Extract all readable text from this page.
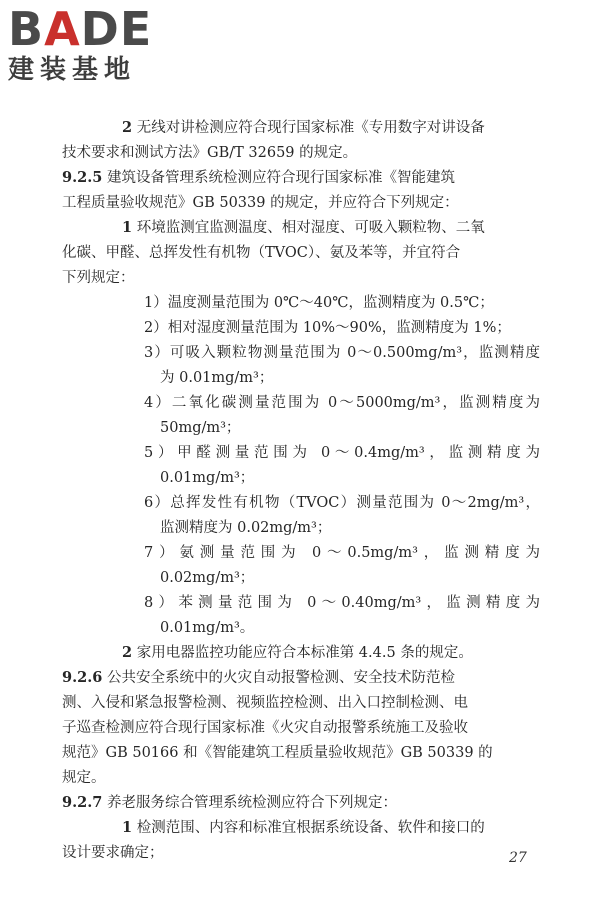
BADE
建装基地
2 无线对讲检测应符合现行国家标准《专用数字对讲设备
技术要求和测试方法》GB/T 32659 的规定。
9.2.5 建筑设备管理系统检测应符合现行国家标准《智能建筑
工程质量验收规范》GB 50339 的规定，并应符合下列规定：
1 环境监测宜监测温度、相对湿度、可吸入颗粒物、二氧
化碳、甲醛、总挥发性有机物（TVOC）、氨及苯等，并宜符合
下列规定：
1）温度测量范围为 0℃～40℃，监测精度为 0.5℃；
2）相对湿度测量范围为 10%～90%，监测精度为 1%；
3）可吸入颗粒物测量范围为 0～0.500mg/m³，监测精度
为 0.01mg/m³；
4）二氧化碳测量范围为 0～5000mg/m³，监测精度为
50mg/m³；
5）甲醛测量范围为 0～0.4mg/m³，监测精度为
0.01mg/m³；
6）总挥发性有机物（TVOC）测量范围为 0～2mg/m³，
监测精度为 0.02mg/m³；
7）氨测量范围为 0～0.5mg/m³，监测精度为
0.02mg/m³；
8）苯测量范围为 0～0.40mg/m³，监测精度为
0.01mg/m³。
2 家用电器监控功能应符合本标准第 4.4.5 条的规定。
9.2.6 公共安全系统中的火灾自动报警检测、安全技术防范检
测、入侵和紧急报警检测、视频监控检测、出入口控制检测、电
子巡查检测应符合现行国家标准《火灾自动报警系统施工及验收
规范》GB 50166 和《智能建筑工程质量验收规范》GB 50339 的
规定。
9.2.7 养老服务综合管理系统检测应符合下列规定：
1 检测范围、内容和标准宜根据系统设备、软件和接口的
设计要求确定；	27
